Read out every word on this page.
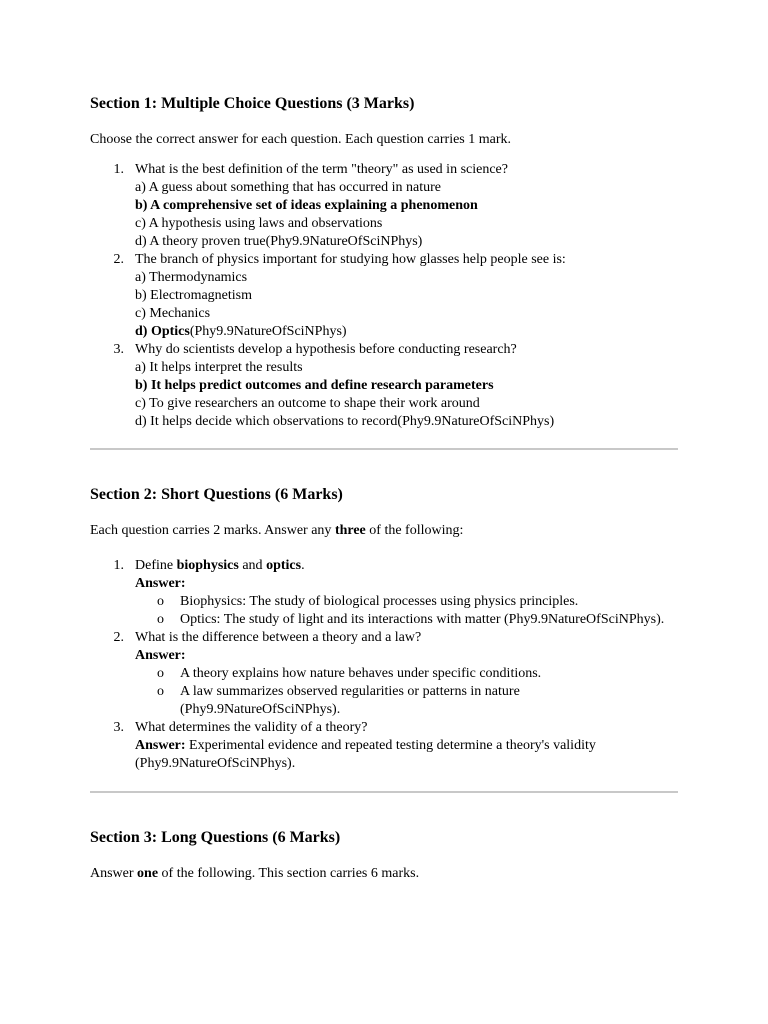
Section 1: Multiple Choice Questions (3 Marks)

Choose the correct answer for each question. Each question carries 1 mark.

1. What is the best definition of the term "theory" as used in science?
a) A guess about something that has occurred in nature
b) A comprehensive set of ideas explaining a phenomenon
c) A hypothesis using laws and observations
d) A theory proven true(Phy9.9NatureOfSciNPhys)
2. The branch of physics important for studying how glasses help people see is:
a) Thermodynamics
b) Electromagnetism
c) Mechanics
d) Optics(Phy9.9NatureOfSciNPhys)
3. Why do scientists develop a hypothesis before conducting research?
a) It helps interpret the results
b) It helps predict outcomes and define research parameters
c) To give researchers an outcome to shape their work around
d) It helps decide which observations to record(Phy9.9NatureOfSciNPhys)
Section 2: Short Questions (6 Marks)

Each question carries 2 marks. Answer any three of the following:

1. Define biophysics and optics.
Answer:
o Biophysics: The study of biological processes using physics principles.
o Optics: The study of light and its interactions with matter (Phy9.9NatureOfSciNPhys).
2. What is the difference between a theory and a law?
Answer:
o A theory explains how nature behaves under specific conditions.
o A law summarizes observed regularities or patterns in nature (Phy9.9NatureOfSciNPhys).
3. What determines the validity of a theory?
Answer: Experimental evidence and repeated testing determine a theory's validity (Phy9.9NatureOfSciNPhys).
Section 3: Long Questions (6 Marks)

Answer one of the following. This section carries 6 marks.
